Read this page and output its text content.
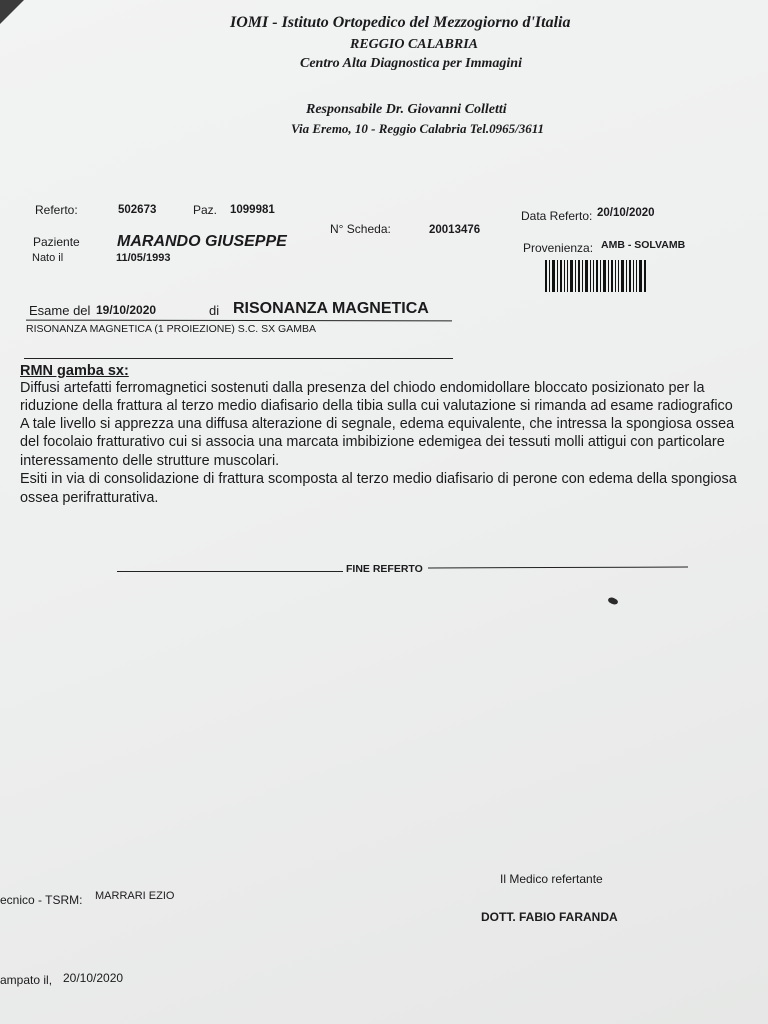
IOMI - Istituto Ortopedico del Mezzogiorno d'Italia
REGGIO CALABRIA
Centro Alta Diagnostica per Immagini
Responsabile Dr. Giovanni Colletti
Via Eremo, 10 - Reggio Calabria Tel.0965/3611
Referto:	502673	Paz. 1099981
N° Scheda:	20013476
Data Referto: 20/10/2020
Paziente MARANDO GIUSEPPE
Nato il	11/05/1993
Provenienza: AMB - SOLVAMB
Esame del 19/10/2020	di RISONANZA MAGNETICA
RISONANZA MAGNETICA (1 PROIEZIONE) S.C. SX GAMBA
RMN gamba sx:
Diffusi artefatti ferromagnetici sostenuti dalla presenza del chiodo endomidollare bloccato posizionato per la
riduzione della frattura al terzo medio diafisario della tibia sulla cui valutazione si rimanda ad esame radiografico
A tale livello si apprezza una diffusa alterazione di segnale, edema equivalente, che intressa la spongiosa ossea
del focolaio fratturativo cui si associa una marcata imbibizione edemigea dei tessuti molli attigui con particolare
interessamento delle strutture muscolari.
Esiti in via di consolidazione di frattura scomposta al terzo medio diafisario di perone con edema della spongiosa
ossea perifratturativa.
FINE REFERTO
Il Medico refertante
ecnico - TSRM: MARRARI EZIO
DOTT. FABIO FARANDA
ampato il, 20/10/2020
